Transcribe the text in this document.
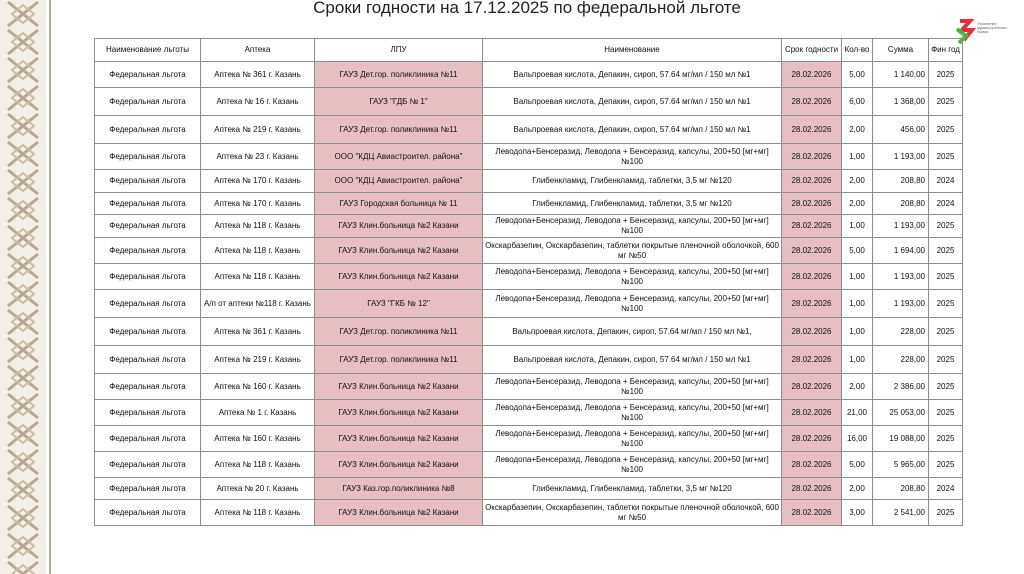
Сроки годности на 17.12.2025 по федеральной льготе
Управление здравоохранения г. Казани
Наименование льготы	Аптека	ЛПУ	Наименование	Срок годности	Кол-во	Сумма	Фин год
Федеральная льгота	Аптека № 361 г. Казань	ГАУЗ Дет.гор. поликлиника №11	Вальпроевая кислота, Депакин, сироп, 57.64 мг/мл / 150 мл №1	28.02.2026	5,00	1 140,00	2025
Федеральная льгота	Аптека № 16 г. Казань	ГАУЗ "ГДБ № 1"	Вальпроевая кислота, Депакин, сироп, 57.64 мг/мл / 150 мл №1	28.02.2026	6,00	1 368,00	2025
Федеральная льгота	Аптека № 219 г. Казань	ГАУЗ Дет.гор. поликлиника №11	Вальпроевая кислота, Депакин, сироп, 57.64 мг/мл / 150 мл №1	28.02.2026	2,00	456,00	2025
Федеральная льгота	Аптека № 23 г. Казань	ООО "КДЦ Авиастроител. района"	Леводопа+Бенсеразид, Леводопа + Бенсеразид, капсулы, 200+50 [мг+мг] №100	28.02.2026	1,00	1 193,00	2025
Федеральная льгота	Аптека № 170 г. Казань	ООО "КДЦ Авиастроител. района"	Глибенкламид, Глибенкламид, таблетки, 3,5 мг №120	28.02.2026	2,00	208,80	2024
Федеральная льгота	Аптека № 170 г. Казань	ГАУЗ Городская больница № 11	Глибенкламид, Глибенкламид, таблетки, 3,5 мг №120	28.02.2026	2,00	208,80	2024
Федеральная льгота	Аптека № 118 г. Казань	ГАУЗ Клин.больница №2 Казани	Леводопа+Бенсеразид, Леводопа + Бенсеразид, капсулы, 200+50 [мг+мг] №100	28.02.2026	1,00	1 193,00	2025
Федеральная льгота	Аптека № 118 г. Казань	ГАУЗ Клин.больница №2 Казани	Окскарбазепин, Окскарбазепин, таблетки покрытые пленочной оболочкой, 600 мг №50	28.02.2026	5,00	1 694,00	2025
Федеральная льгота	Аптека № 118 г. Казань	ГАУЗ Клин.больница №2 Казани	Леводопа+Бенсеразид, Леводопа + Бенсеразид, капсулы, 200+50 [мг+мг] №100	28.02.2026	1,00	1 193,00	2025
Федеральная льгота	А/п от аптеки №118 г. Казань	ГАУЗ "ГКБ № 12"	Леводопа+Бенсеразид, Леводопа + Бенсеразид, капсулы, 200+50 [мг+мг] №100	28.02.2026	1,00	1 193,00	2025
Федеральная льгота	Аптека № 361 г. Казань	ГАУЗ Дет.гор. поликлиника №11	Вальпроевая кислота, Депакин, сироп, 57.64 мг/мл / 150 мл №1,	28.02.2026	1,00	228,00	2025
Федеральная льгота	Аптека № 219 г. Казань	ГАУЗ Дет.гор. поликлиника №11	Вальпроевая кислота, Депакин, сироп, 57.64 мг/мл / 150 мл №1	28.02.2026	1,00	228,00	2025
Федеральная льгота	Аптека № 160 г. Казань	ГАУЗ Клин.больница №2 Казани	Леводопа+Бенсеразид, Леводопа + Бенсеразид, капсулы, 200+50 [мг+мг] №100	28.02.2026	2,00	2 386,00	2025
Федеральная льгота	Аптека № 1 г. Казань	ГАУЗ Клин.больница №2 Казани	Леводопа+Бенсеразид, Леводопа + Бенсеразид, капсулы, 200+50 [мг+мг] №100	28.02.2026	21,00	25 053,00	2025
Федеральная льгота	Аптека № 160 г. Казань	ГАУЗ Клин.больница №2 Казани	Леводопа+Бенсеразид, Леводопа + Бенсеразид, капсулы, 200+50 [мг+мг] №100	28.02.2026	16,00	19 088,00	2025
Федеральная льгота	Аптека № 118 г. Казань	ГАУЗ Клин.больница №2 Казани	Леводопа+Бенсеразид, Леводопа + Бенсеразид, капсулы, 200+50 [мг+мг] №100	28.02.2026	5,00	5 965,00	2025
Федеральная льгота	Аптека № 20 г. Казань	ГАУЗ Каз.гор.поликлиника №8	Глибенкламид, Глибенкламид, таблетки, 3,5 мг №120	28.02.2026	2,00	208,80	2024
Федеральная льгота	Аптека № 118 г. Казань	ГАУЗ Клин.больница №2 Казани	Окскарбазепин, Окскарбазепин, таблетки покрытые пленочной оболочкой, 600 мг №50	28.02.2026	3,00	2 541,00	2025
